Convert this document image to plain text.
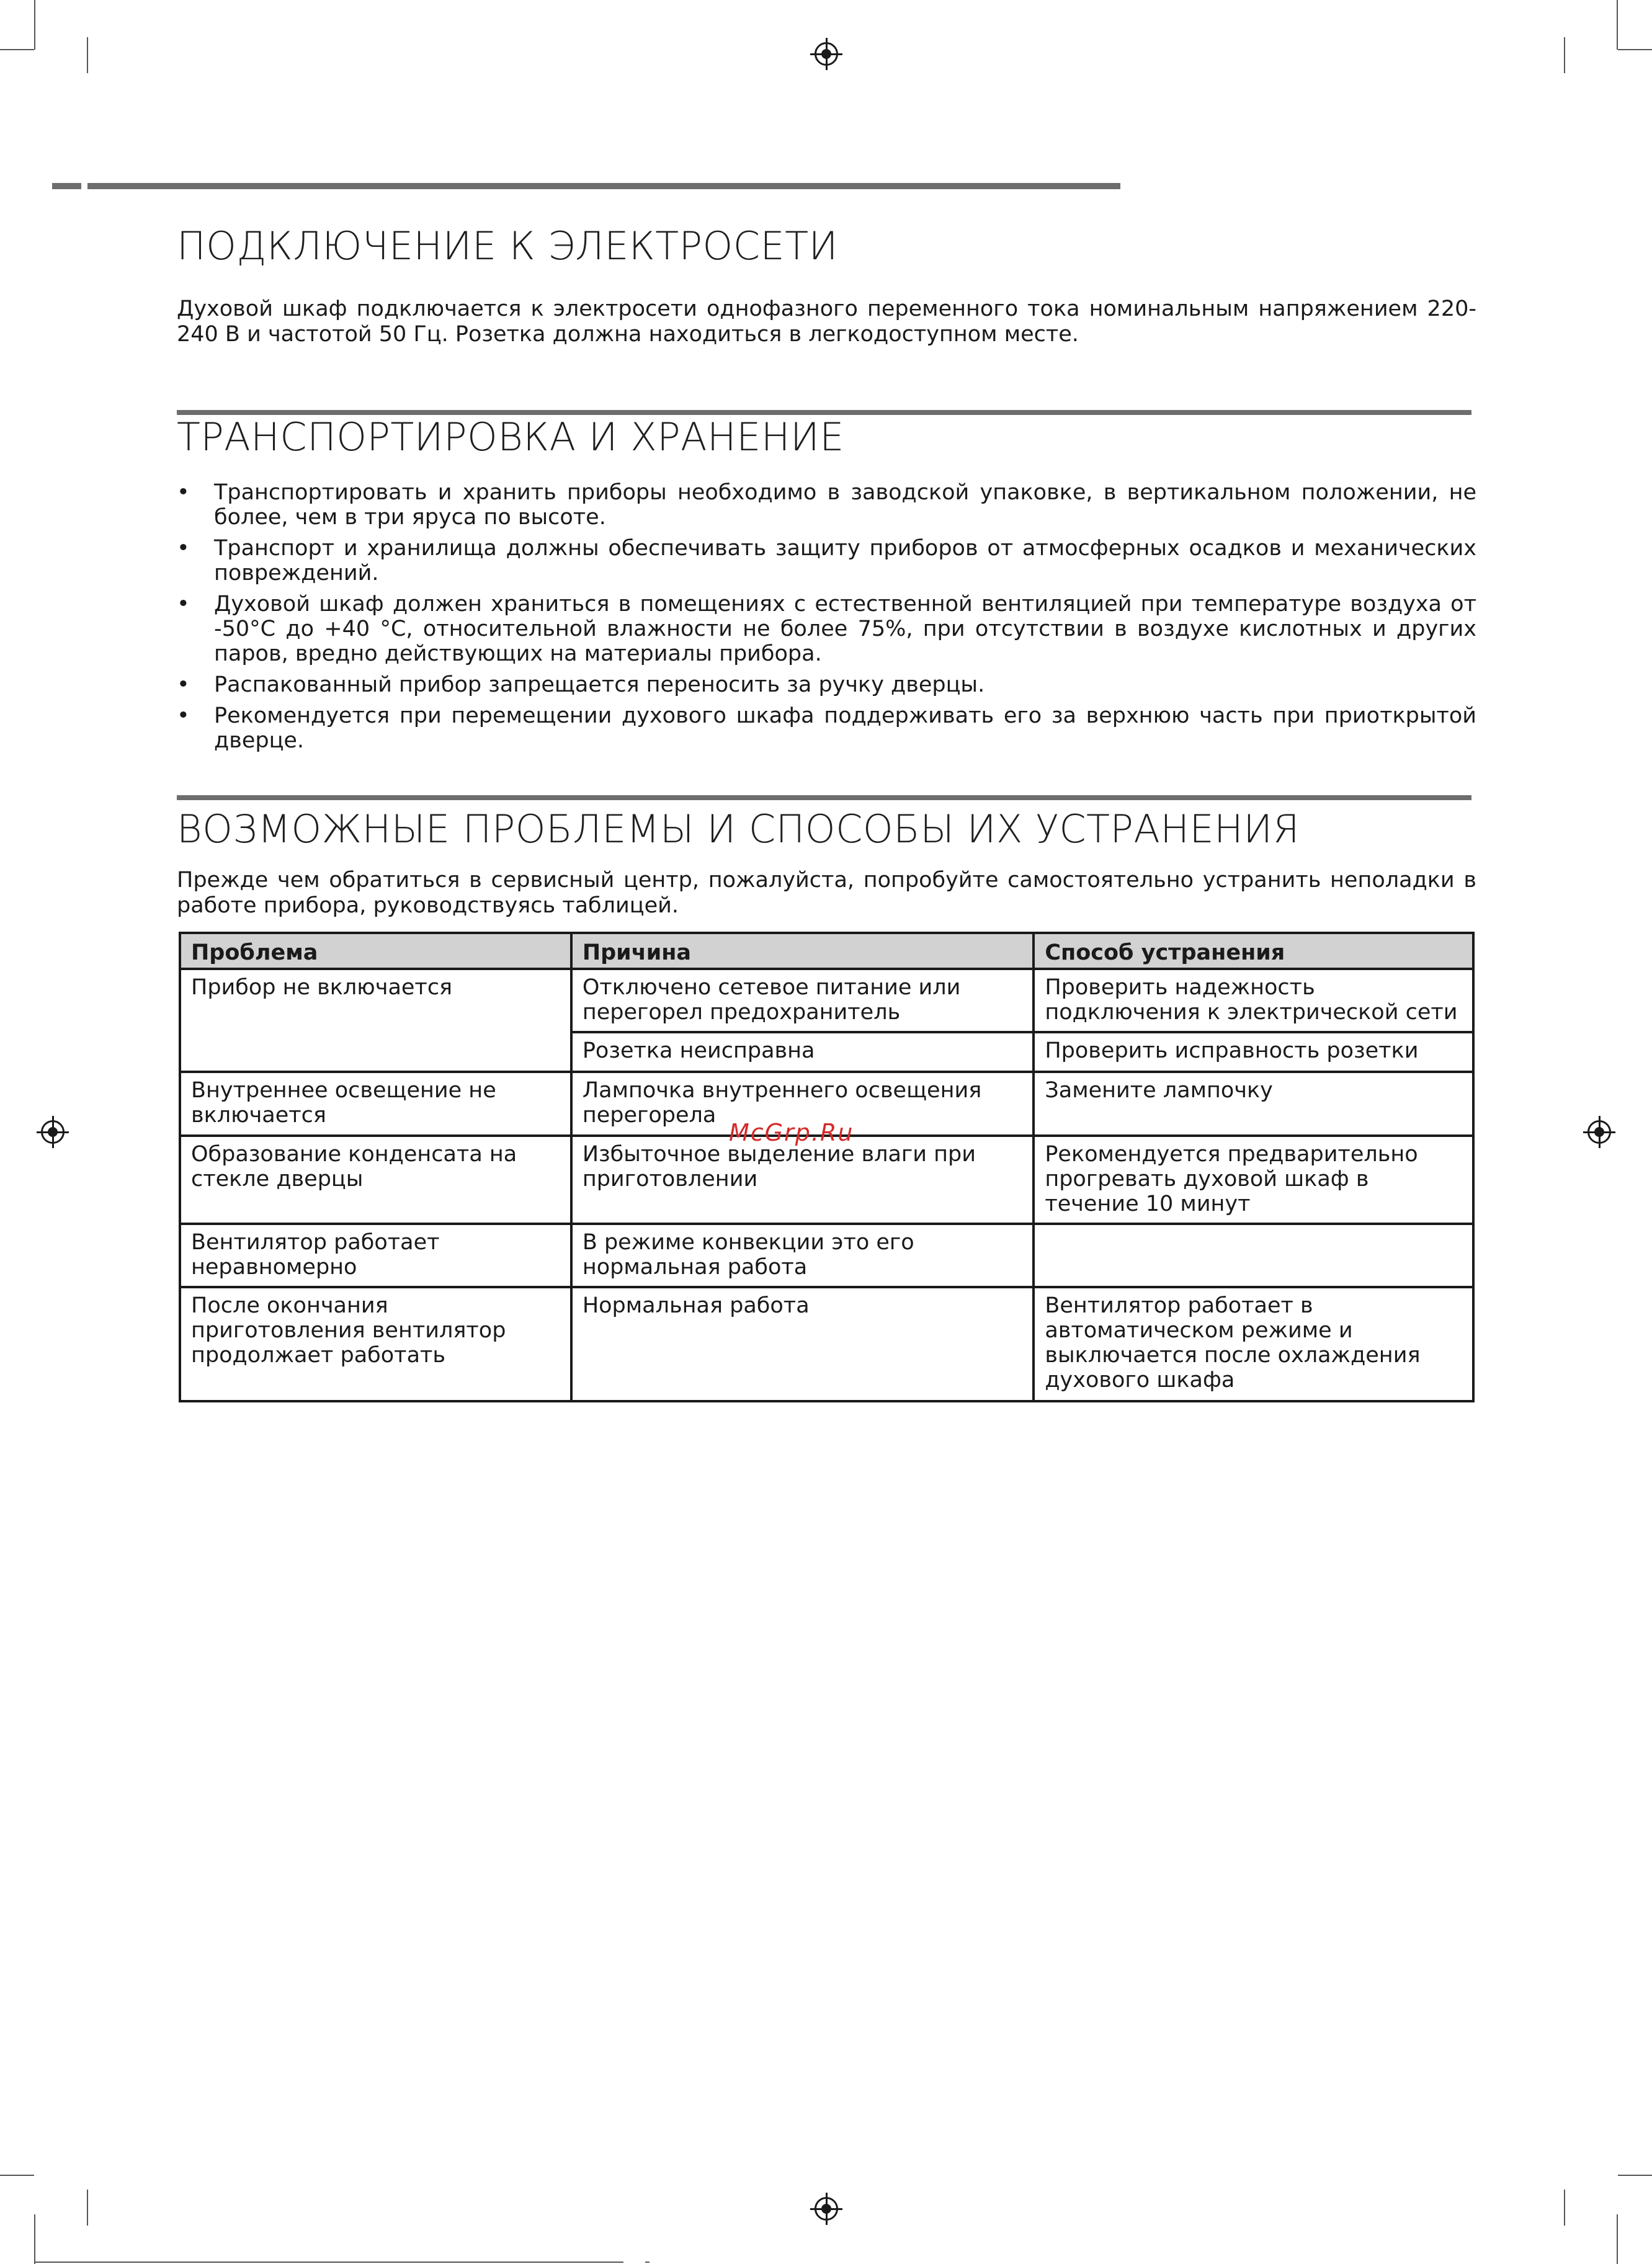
ПОДКЛЮЧЕНИЕ К ЭЛЕКТРОСЕТИ
Духовой шкаф подключается к электросети однофазного переменного тока номинальным напряжением 220-240 В и частотой 50 Гц. Розетка должна находиться в легкодоступном месте.
ТРАНСПОРТИРОВКА И ХРАНЕНИЕ
• Транспортировать и хранить приборы необходимо в заводской упаковке, в вертикальном положении, не более, чем в три яруса по высоте.
• Транспорт и хранилища должны обеспечивать защиту приборов от атмосферных осадков и механических повреждений.
• Духовой шкаф должен храниться в помещениях с естественной вентиляцией при температуре воздуха от -50°С до +40 °С, относительной влажности не более 75%, при отсутствии в воздухе кислотных и других паров, вредно действующих на материалы прибора.
• Распакованный прибор запрещается переносить за ручку дверцы.
• Рекомендуется при перемещении духового шкафа поддерживать его за верхнюю часть при приоткрытой дверце.
ВОЗМОЖНЫЕ ПРОБЛЕМЫ И СПОСОБЫ ИХ УСТРАНЕНИЯ
Прежде чем обратиться в сервисный центр, пожалуйста, попробуйте самостоятельно устранить неполадки в работе прибора, руководствуясь таблицей.
Проблема	Причина	Способ устранения
Прибор не включается	Отключено сетевое питание или перегорел предохранитель	Проверить надежность подключения к электрической сети
	Розетка неисправна	Проверить исправность розетки
Внутреннее освещение не включается	Лампочка внутреннего освещения перегорела	Замените лампочку
Образование конденсата на стекле дверцы	Избыточное выделение влаги при приготовлении	Рекомендуется предварительно прогревать духовой шкаф в течение 10 минут
Вентилятор работает неравномерно	В режиме конвекции это его нормальная работа	
После окончания приготовления вентилятор продолжает работать	Нормальная работа	Вентилятор работает в автоматическом режиме и выключается после охлаждения духового шкафа
McGrp.Ru
